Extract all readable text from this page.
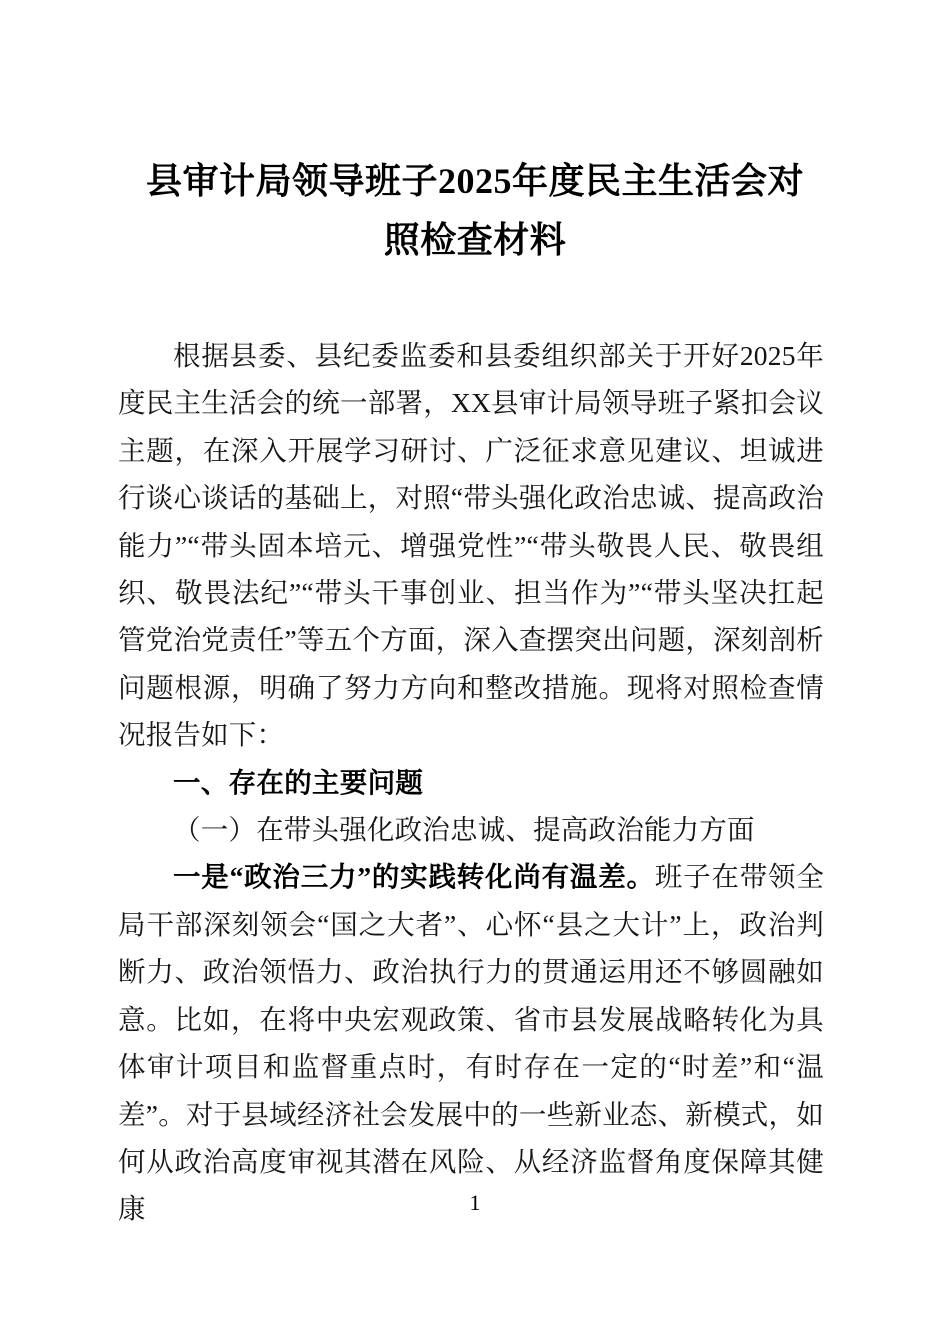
县审计局领导班子2025年度民主生活会对
照检查材料

根据县委、县纪委监委和县委组织部关于开好2025年度民主生活会的统一部署，XX县审计局领导班子紧扣会议主题，在深入开展学习研讨、广泛征求意见建议、坦诚进行谈心谈话的基础上，对照“带头强化政治忠诚、提高政治能力”“带头固本培元、增强党性”“带头敬畏人民、敬畏组织、敬畏法纪”“带头干事创业、担当作为”“带头坚决扛起管党治党责任”等五个方面，深入查摆突出问题，深刻剖析问题根源，明确了努力方向和整改措施。现将对照检查情况报告如下：

一、存在的主要问题

（一）在带头强化政治忠诚、提高政治能力方面

一是“政治三力”的实践转化尚有温差。班子在带领全局干部深刻领会“国之大者”、心怀“县之大计”上，政治判断力、政治领悟力、政治执行力的贯通运用还不够圆融如意。比如，在将中央宏观政策、省市县发展战略转化为具体审计项目和监督重点时，有时存在一定的“时差”和“温差”。对于县域经济社会发展中的一些新业态、新模式，如何从政治高度审视其潜在风险、从经济监督角度保障其健康	1
